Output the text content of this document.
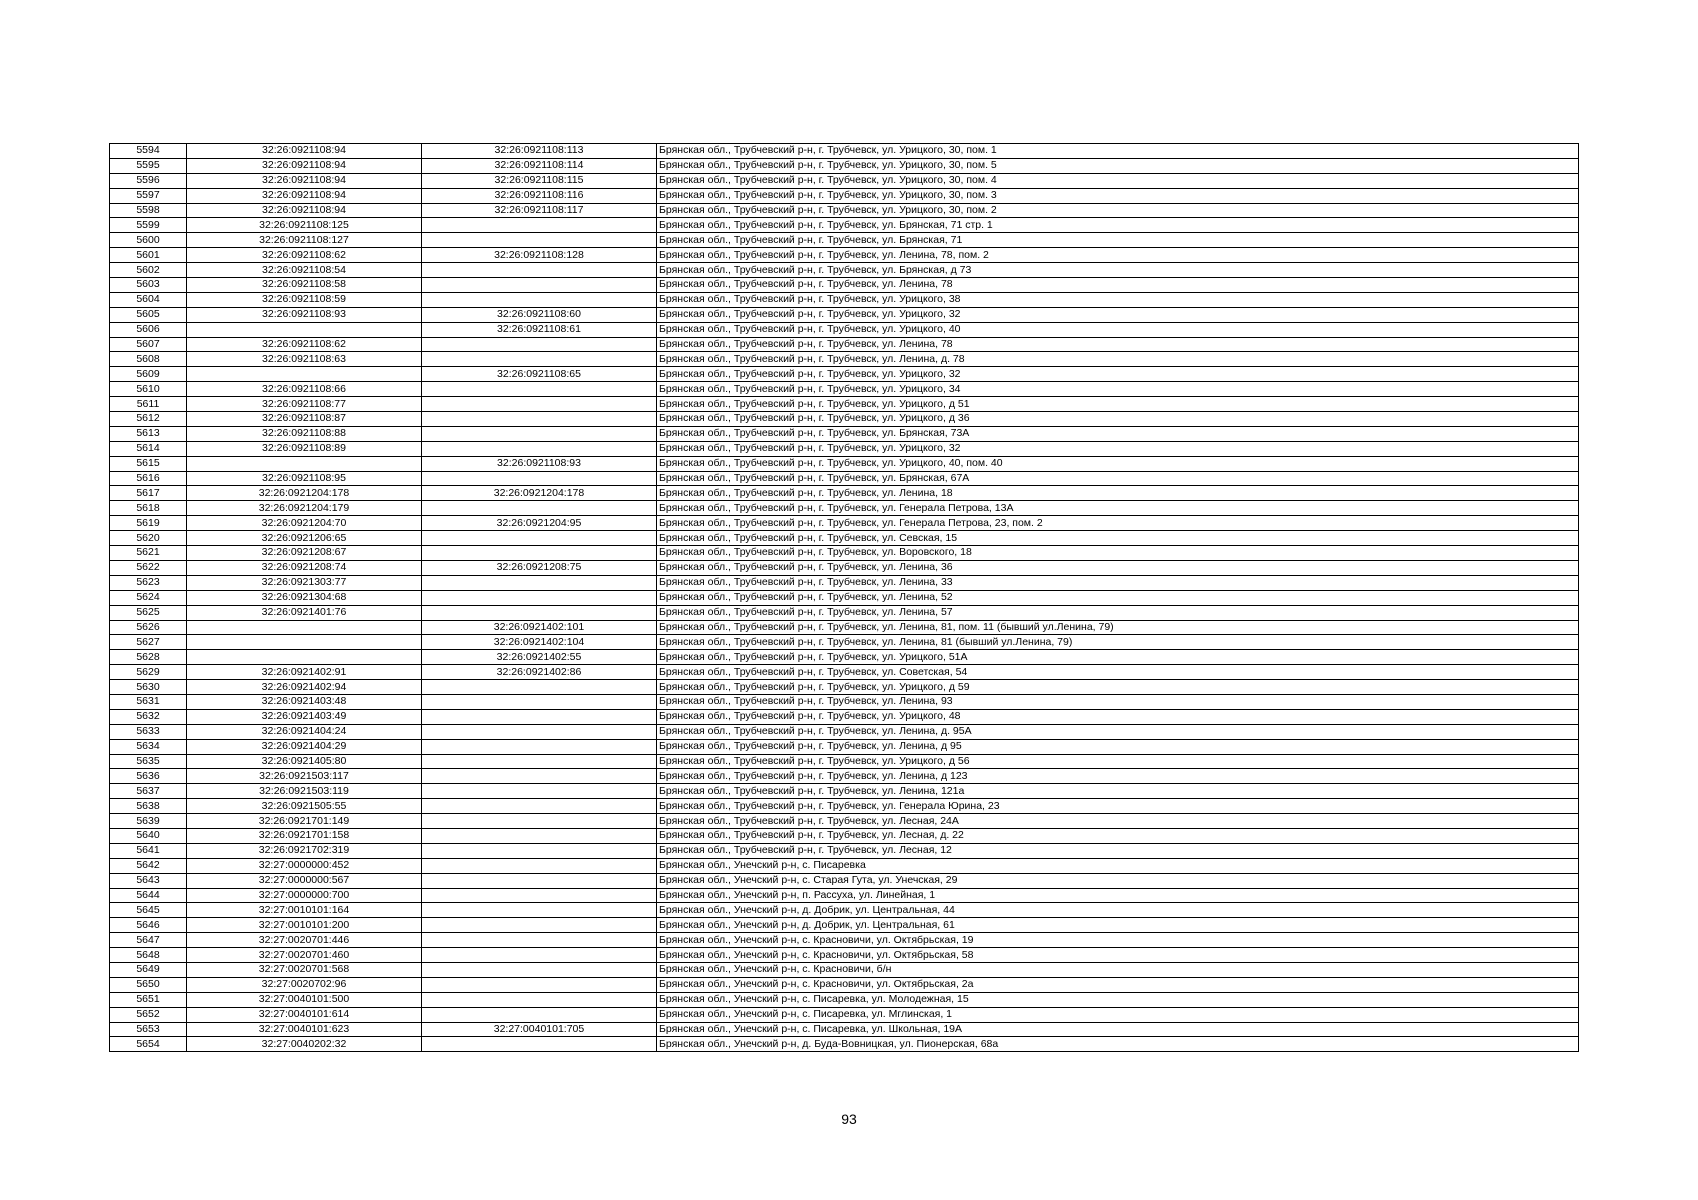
5594	32:26:0921108:94	32:26:0921108:113	Брянская обл., Трубчевский р-н, г. Трубчевск, ул. Урицкого, 30, пом. 1
5595	32:26:0921108:94	32:26:0921108:114	Брянская обл., Трубчевский р-н, г. Трубчевск, ул. Урицкого, 30, пом. 5
5596	32:26:0921108:94	32:26:0921108:115	Брянская обл., Трубчевский р-н, г. Трубчевск, ул. Урицкого, 30, пом. 4
5597	32:26:0921108:94	32:26:0921108:116	Брянская обл., Трубчевский р-н, г. Трубчевск, ул. Урицкого, 30, пом. 3
5598	32:26:0921108:94	32:26:0921108:117	Брянская обл., Трубчевский р-н, г. Трубчевск, ул. Урицкого, 30, пом. 2
5599	32:26:0921108:125		Брянская обл., Трубчевский р-н, г. Трубчевск, ул. Брянская, 71 стр. 1
5600	32:26:0921108:127		Брянская обл., Трубчевский р-н, г. Трубчевск, ул. Брянская, 71
5601	32:26:0921108:62	32:26:0921108:128	Брянская обл., Трубчевский р-н, г. Трубчевск, ул. Ленина, 78, пом. 2
5602	32:26:0921108:54		Брянская обл., Трубчевский р-н, г. Трубчевск, ул. Брянская, д 73
5603	32:26:0921108:58		Брянская обл., Трубчевский р-н, г. Трубчевск, ул. Ленина, 78
5604	32:26:0921108:59		Брянская обл., Трубчевский р-н, г. Трубчевск, ул. Урицкого, 38
5605	32:26:0921108:93	32:26:0921108:60	Брянская обл., Трубчевский р-н, г. Трубчевск, ул. Урицкого, 32
5606		32:26:0921108:61	Брянская обл., Трубчевский р-н, г. Трубчевск, ул. Урицкого, 40
5607	32:26:0921108:62		Брянская обл., Трубчевский р-н, г. Трубчевск, ул. Ленина, 78
5608	32:26:0921108:63		Брянская обл., Трубчевский р-н, г. Трубчевск, ул. Ленина, д. 78
5609		32:26:0921108:65	Брянская обл., Трубчевский р-н, г. Трубчевск, ул. Урицкого, 32
5610	32:26:0921108:66		Брянская обл., Трубчевский р-н, г. Трубчевск, ул. Урицкого, 34
5611	32:26:0921108:77		Брянская обл., Трубчевский р-н, г. Трубчевск, ул. Урицкого, д 51
5612	32:26:0921108:87		Брянская обл., Трубчевский р-н, г. Трубчевск, ул. Урицкого, д 36
5613	32:26:0921108:88		Брянская обл., Трубчевский р-н, г. Трубчевск, ул. Брянская, 73А
5614	32:26:0921108:89		Брянская обл., Трубчевский р-н, г. Трубчевск, ул. Урицкого, 32
5615		32:26:0921108:93	Брянская обл., Трубчевский р-н, г. Трубчевск, ул. Урицкого, 40, пом. 40
5616	32:26:0921108:95		Брянская обл., Трубчевский р-н, г. Трубчевск, ул. Брянская, 67А
5617	32:26:0921204:178	32:26:0921204:178	Брянская обл., Трубчевский р-н, г. Трубчевск, ул. Ленина, 18
5618	32:26:0921204:179		Брянская обл., Трубчевский р-н, г. Трубчевск, ул. Генерала Петрова, 13А
5619	32:26:0921204:70	32:26:0921204:95	Брянская обл., Трубчевский р-н, г. Трубчевск, ул. Генерала Петрова, 23, пом. 2
5620	32:26:0921206:65		Брянская обл., Трубчевский р-н, г. Трубчевск, ул. Севская, 15
5621	32:26:0921208:67		Брянская обл., Трубчевский р-н, г. Трубчевск, ул. Воровского, 18
5622	32:26:0921208:74	32:26:0921208:75	Брянская обл., Трубчевский р-н, г. Трубчевск, ул. Ленина, 36
5623	32:26:0921303:77		Брянская обл., Трубчевский р-н, г. Трубчевск, ул. Ленина, 33
5624	32:26:0921304:68		Брянская обл., Трубчевский р-н, г. Трубчевск, ул. Ленина, 52
5625	32:26:0921401:76		Брянская обл., Трубчевский р-н, г. Трубчевск, ул. Ленина, 57
5626		32:26:0921402:101	Брянская обл., Трубчевский р-н, г. Трубчевск, ул. Ленина, 81, пом. 11 (бывший ул.Ленина, 79)
5627		32:26:0921402:104	Брянская обл., Трубчевский р-н, г. Трубчевск, ул. Ленина, 81 (бывший ул.Ленина, 79)
5628		32:26:0921402:55	Брянская обл., Трубчевский р-н, г. Трубчевск, ул. Урицкого, 51А
5629	32:26:0921402:91	32:26:0921402:86	Брянская обл., Трубчевский р-н, г. Трубчевск, ул. Советская, 54
5630	32:26:0921402:94		Брянская обл., Трубчевский р-н, г. Трубчевск, ул. Урицкого, д 59
5631	32:26:0921403:48		Брянская обл., Трубчевский р-н, г. Трубчевск, ул. Ленина, 93
5632	32:26:0921403:49		Брянская обл., Трубчевский р-н, г. Трубчевск, ул. Урицкого, 48
5633	32:26:0921404:24		Брянская обл., Трубчевский р-н, г. Трубчевск, ул. Ленина, д. 95А
5634	32:26:0921404:29		Брянская обл., Трубчевский р-н, г. Трубчевск, ул. Ленина, д 95
5635	32:26:0921405:80		Брянская обл., Трубчевский р-н, г. Трубчевск, ул. Урицкого, д 56
5636	32:26:0921503:117		Брянская обл., Трубчевский р-н, г. Трубчевск, ул. Ленина, д 123
5637	32:26:0921503:119		Брянская обл., Трубчевский р-н, г. Трубчевск, ул. Ленина, 121а
5638	32:26:0921505:55		Брянская обл., Трубчевский р-н, г. Трубчевск, ул. Генерала Юрина, 23
5639	32:26:0921701:149		Брянская обл., Трубчевский р-н, г. Трубчевск, ул. Лесная, 24А
5640	32:26:0921701:158		Брянская обл., Трубчевский р-н, г. Трубчевск, ул. Лесная, д. 22
5641	32:26:0921702:319		Брянская обл., Трубчевский р-н, г. Трубчевск, ул. Лесная, 12
5642	32:27:0000000:452		Брянская обл., Унечский р-н, с. Писаревка
5643	32:27:0000000:567		Брянская обл., Унечский р-н, с. Старая Гута, ул. Унечская, 29
5644	32:27:0000000:700		Брянская обл., Унечский р-н, п. Рассуха, ул. Линейная, 1
5645	32:27:0010101:164		Брянская обл., Унечский р-н, д. Добрик, ул. Центральная, 44
5646	32:27:0010101:200		Брянская обл., Унечский р-н, д. Добрик, ул. Центральная, 61
5647	32:27:0020701:446		Брянская обл., Унечский р-н, с. Красновичи, ул. Октябрьская, 19
5648	32:27:0020701:460		Брянская обл., Унечский р-н, с. Красновичи, ул. Октябрьская, 58
5649	32:27:0020701:568		Брянская обл., Унечский р-н, с. Красновичи, б/н
5650	32:27:0020702:96		Брянская обл., Унечский р-н, с. Красновичи, ул. Октябрьская, 2а
5651	32:27:0040101:500		Брянская обл., Унечский р-н, с. Писаревка, ул. Молодежная, 15
5652	32:27:0040101:614		Брянская обл., Унечский р-н, с. Писаревка, ул. Мглинская, 1
5653	32:27:0040101:623	32:27:0040101:705	Брянская обл., Унечский р-н, с. Писаревка, ул. Школьная, 19А
5654	32:27:0040202:32		Брянская обл., Унечский р-н, д. Буда-Вовницкая, ул. Пионерская, 68а
93
